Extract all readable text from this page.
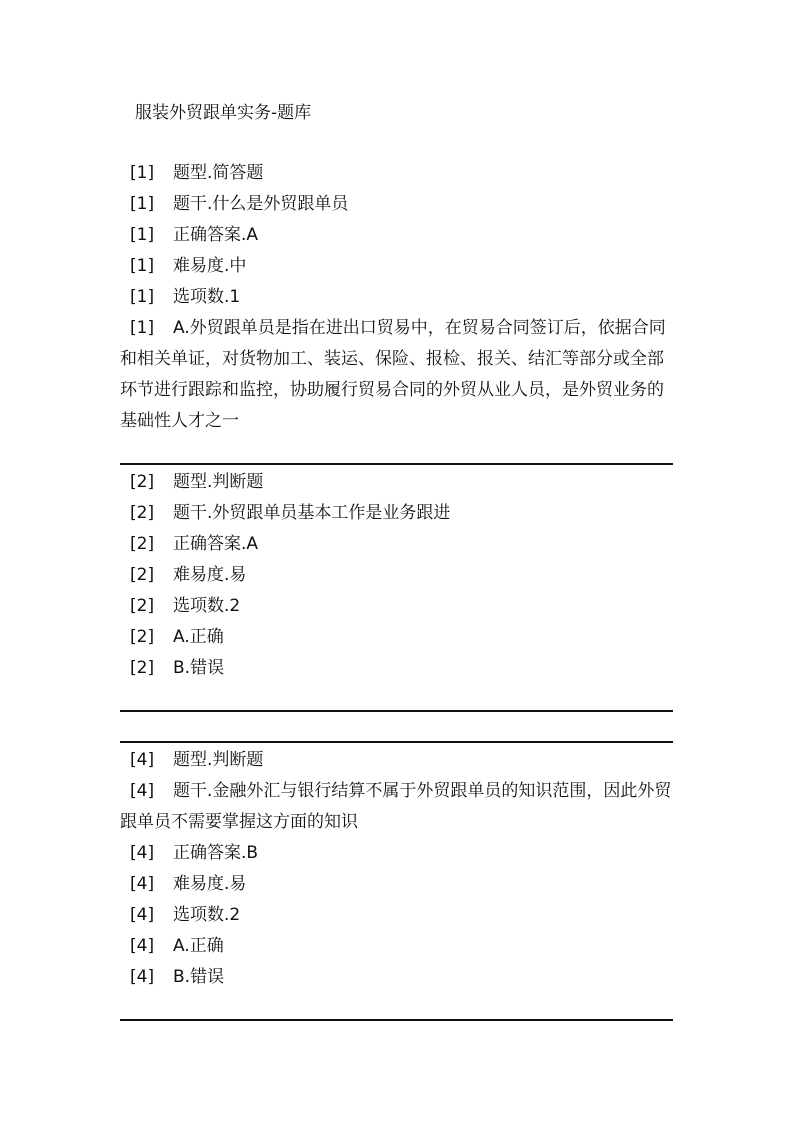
服装外贸跟单实务-题库
[1] 题型.简答题
[1] 题干.什么是外贸跟单员
[1] 正确答案.A
[1] 难易度.中
[1] 选项数.1

[1] A.外贸跟单员是指在进出口贸易中，在贸易合同签订后，依据合同和相关单证，对货物加工、装运、保险、报检、报关、结汇等部分或全部环节进行跟踪和监控，协助履行贸易合同的外贸从业人员，是外贸业务的基础性人才之一

[2] 题型.判断题
[2] 题干.外贸跟单员基本工作是业务跟进
[2] 正确答案.A
[2] 难易度.易
[2] 选项数.2
[2] A.正确
[2] B.错误
[4] 题型.判断题

[4] 题干.金融外汇与银行结算不属于外贸跟单员的知识范围，因此外贸跟单员不需要掌握这方面的知识

[4] 正确答案.B
[4] 难易度.易
[4] 选项数.2
[4] A.正确
[4] B.错误
